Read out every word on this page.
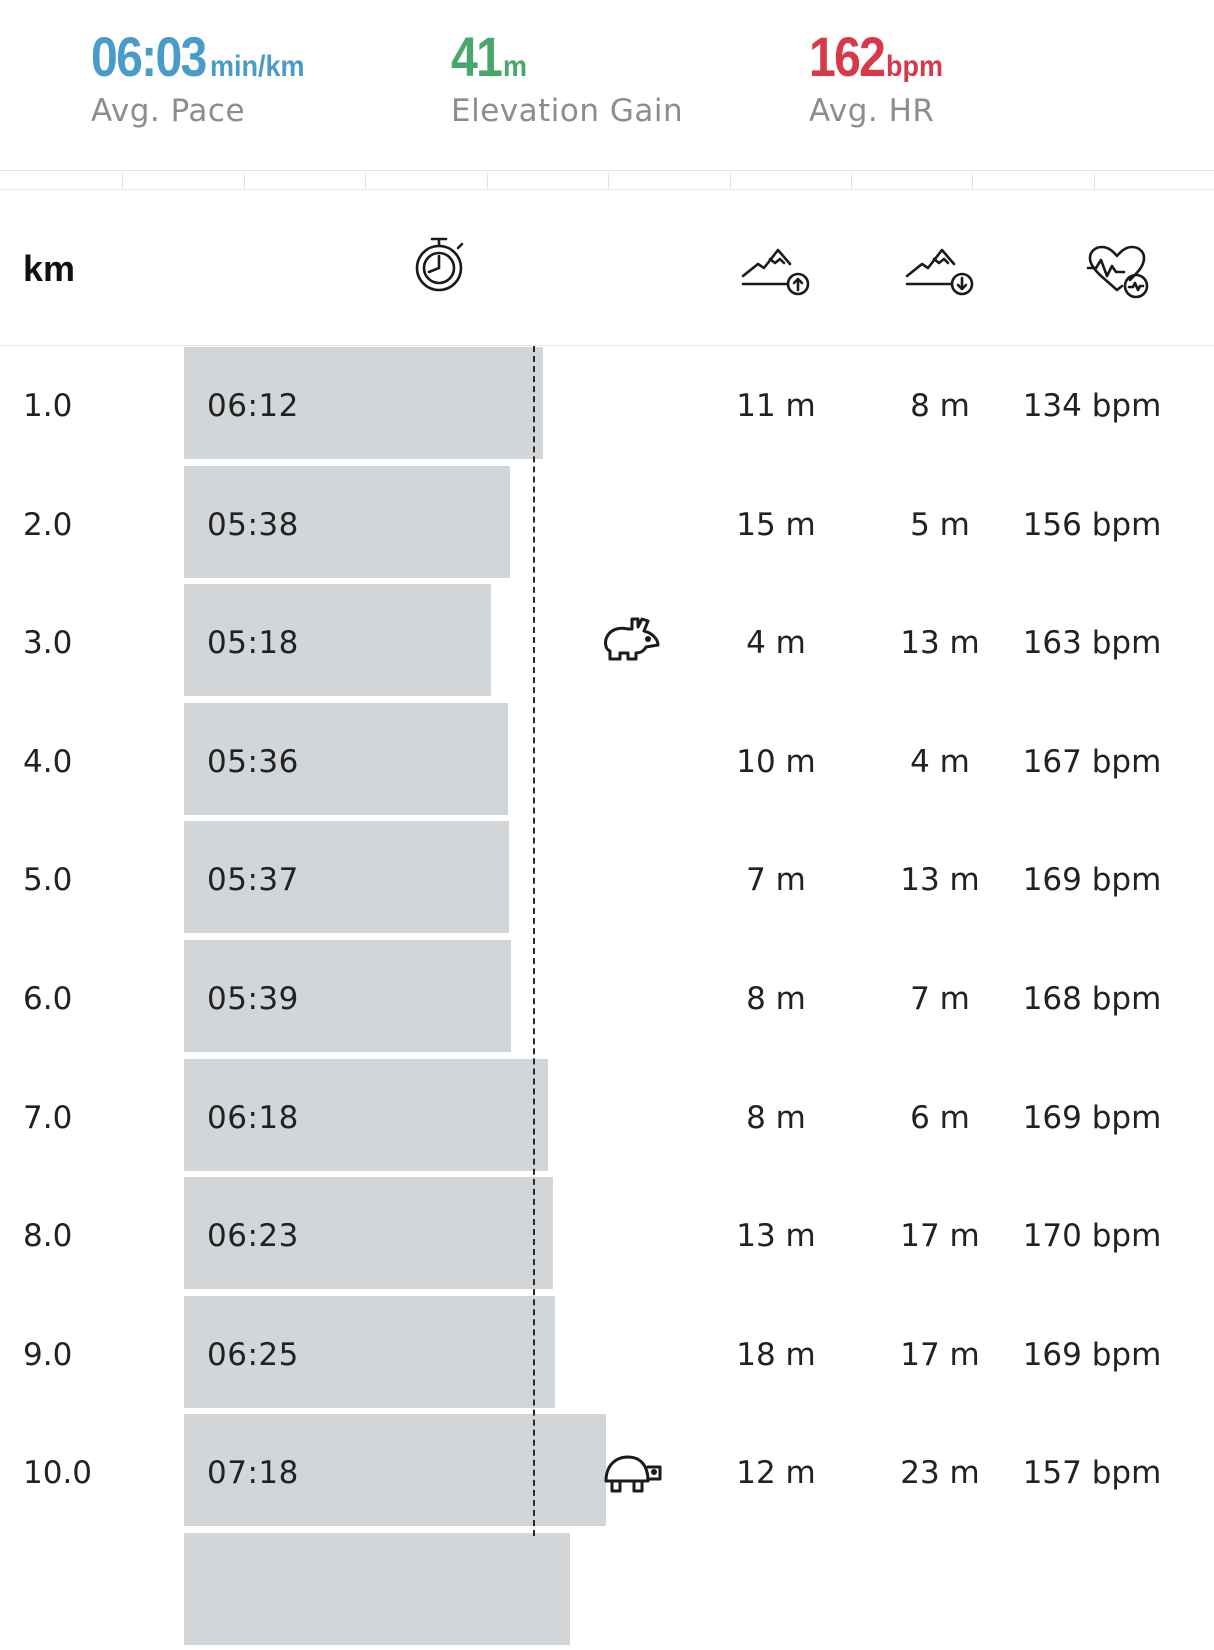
06:03 min/km
Avg. Pace
41 m
Elevation Gain
162 bpm
Avg. HR
km
1.0	06:12	11 m	8 m	134 bpm
2.0	05:38	15 m	5 m	156 bpm
3.0	05:18	4 m	13 m	163 bpm
4.0	05:36	10 m	4 m	167 bpm
5.0	05:37	7 m	13 m	169 bpm
6.0	05:39	8 m	7 m	168 bpm
7.0	06:18	8 m	6 m	169 bpm
8.0	06:23	13 m	17 m	170 bpm
9.0	06:25	18 m	17 m	169 bpm
10.0	07:18	12 m	23 m	157 bpm
